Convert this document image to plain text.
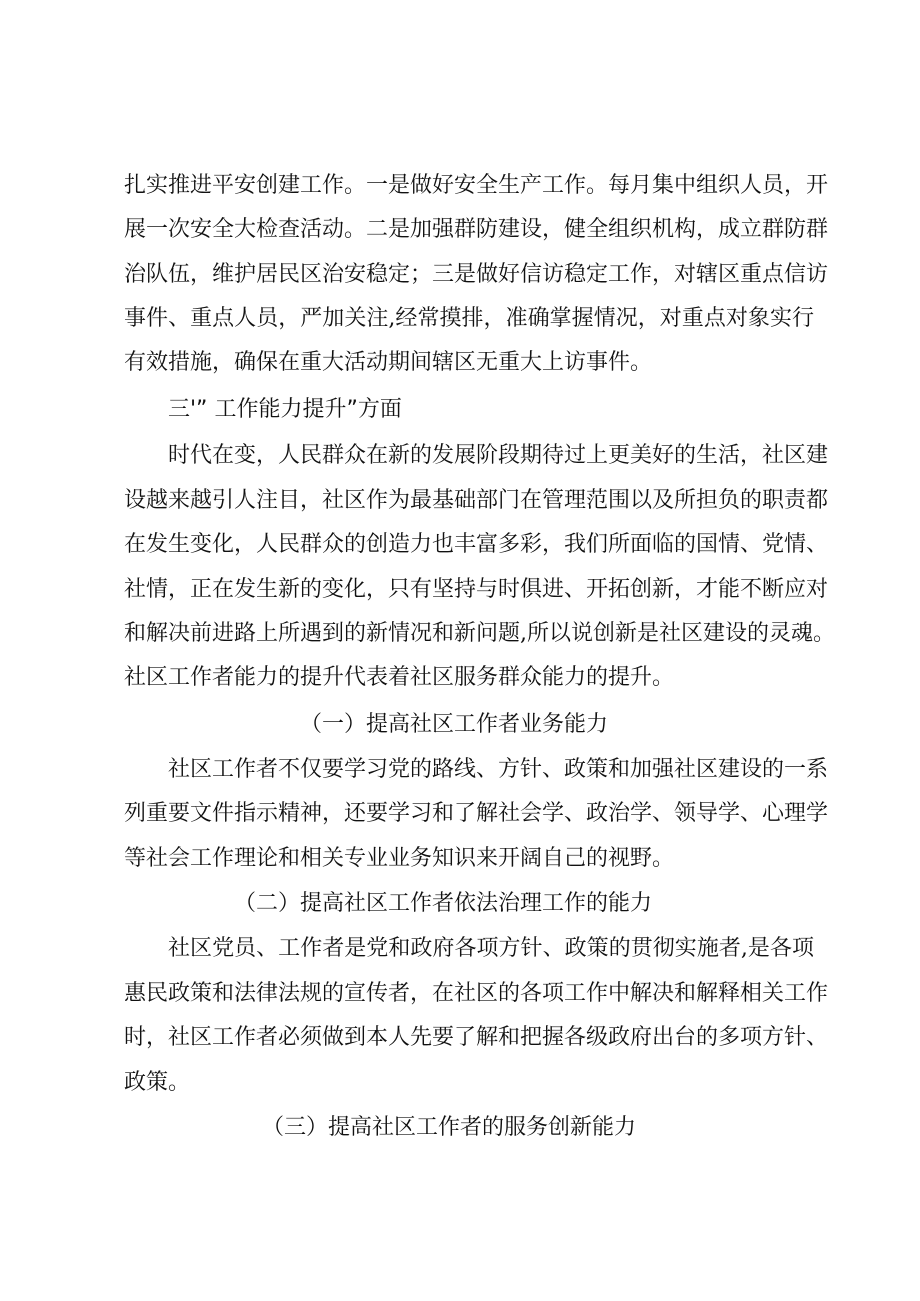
扎实推进平安创建工作。一是做好安全生产工作。每月集中组织人员，开
展一次安全大检查活动。二是加强群防建设，健全组织机构，成立群防群
治队伍，维护居民区治安稳定；三是做好信访稳定工作，对辖区重点信访
事件、重点人员，严加关注,经常摸排，准确掌握情况，对重点对象实行
有效措施，确保在重大活动期间辖区无重大上访事件。
三'” 工作能力提升”方面
时代在变，人民群众在新的发展阶段期待过上更美好的生活，社区建
设越来越引人注目，社区作为最基础部门在管理范围以及所担负的职责都
在发生变化，人民群众的创造力也丰富多彩，我们所面临的国情、党情、
社情，正在发生新的变化，只有坚持与时俱进、开拓创新，才能不断应对
和解决前进路上所遇到的新情况和新问题,所以说创新是社区建设的灵魂。
社区工作者能力的提升代表着社区服务群众能力的提升。
（一）提高社区工作者业务能力
社区工作者不仅要学习党的路线、方针、政策和加强社区建设的一系
列重要文件指示精神，还要学习和了解社会学、政治学、领导学、心理学
等社会工作理论和相关专业业务知识来开阔自己的视野。
（二）提高社区工作者依法治理工作的能力
社区党员、工作者是党和政府各项方针、政策的贯彻实施者,是各项
惠民政策和法律法规的宣传者，在社区的各项工作中解决和解释相关工作
时，社区工作者必须做到本人先要了解和把握各级政府出台的多项方针、
政策。
（三）提高社区工作者的服务创新能力
